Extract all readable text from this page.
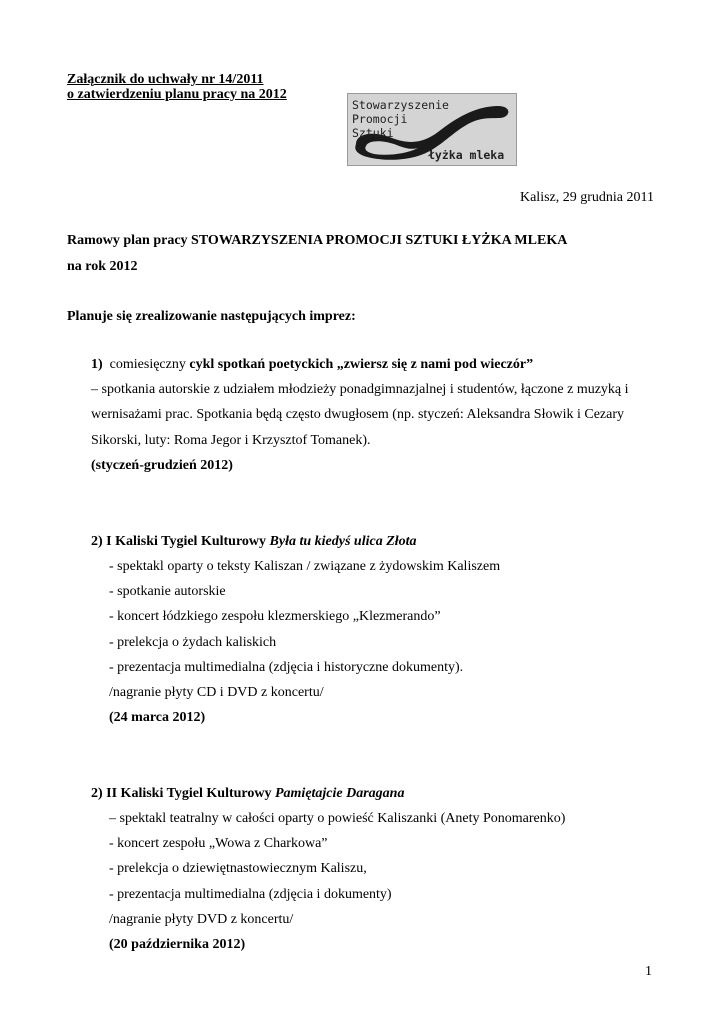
Załącznik do uchwały nr 14/2011
o zatwierdzeniu planu pracy na 2012
Stowarzyszenie
Promocji
Sztuki
łyżka mleka
Kalisz, 29 grudnia 2011
Ramowy plan pracy STOWARZYSZENIA PROMOCJI SZTUKI ŁYŻKA MLEKA
na rok 2012
Planuje się zrealizowanie następujących imprez:
1) comiesięczny cykl spotkań poetyckich „zwiersz się z nami pod wieczór”
– spotkania autorskie z udziałem młodzieży ponadgimnazjalnej i studentów, łączone z muzyką i
wernisażami prac. Spotkania będą często dwugłosem (np. styczeń: Aleksandra Słowik i Cezary
Sikorski, luty: Roma Jegor i Krzysztof Tomanek).
(styczeń-grudzień 2012)
2) I Kaliski Tygiel Kulturowy Była tu kiedyś ulica Złota
- spektakl oparty o teksty Kaliszan / związane z żydowskim Kaliszem
- spotkanie autorskie
- koncert łódzkiego zespołu klezmerskiego „Klezmerando”
- prelekcja o żydach kaliskich
- prezentacja multimedialna (zdjęcia i historyczne dokumenty).
/nagranie płyty CD i DVD z koncertu/
(24 marca 2012)
2) II Kaliski Tygiel Kulturowy Pamiętajcie Daragana
– spektakl teatralny w całości oparty o powieść Kaliszanki (Anety Ponomarenko)
- koncert zespołu „Wowa z Charkowa”
- prelekcja o dziewiętnastowiecznym Kaliszu,
- prezentacja multimedialna (zdjęcia i dokumenty)
/nagranie płyty DVD z koncertu/
(20 października 2012)
1
